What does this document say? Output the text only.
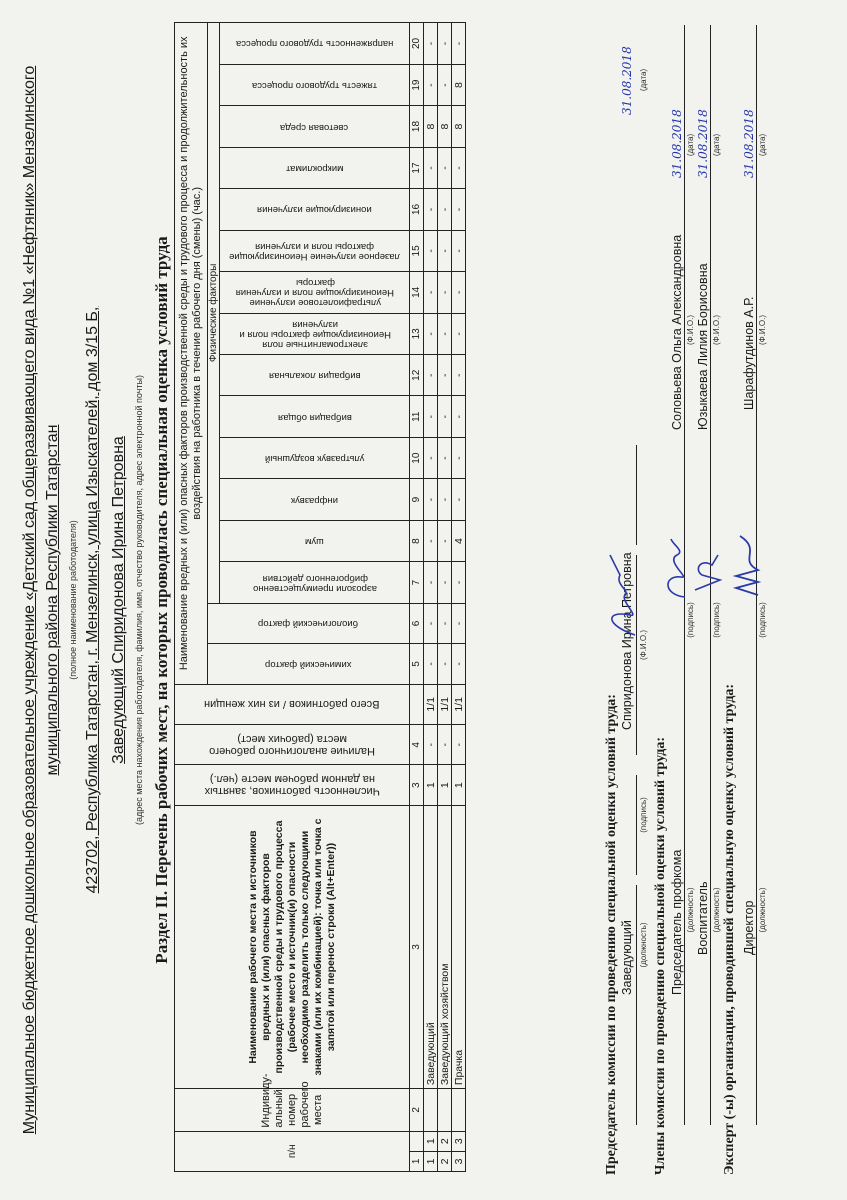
Муниципальное бюджетное дошкольное образовательное учреждение «Детский сад общеразвивающего вида №1 «Нефтяник» Мензелинского муниципального района Республики Татарстан (полное наименование работодателя) 423702, Республика Татарстан, г. Мензелинск, улица Изыскателей, дом 3/15 Б, Заведующий Спиридонова Ирина Петровна (адрес места нахождения работодателя, фамилия, имя, отчество руководителя, адрес электронной почты) Раздел II. Перечень рабочих мест, на которых проводилась специальная оценка условий труда
п/н		Индивиду-альный номер рабочего места	Наименование рабочего места и источников вредных и (или) опасных факторов производственной среды и трудового процесса (рабочее место и источник(и) опасности необходимо разделить только следующими знаками (или их комбинацией): точка или точка с запятой или перенос строки (Alt+Enter))	Численность работников, занятых на данном рабочем месте (чел.)	Наличие аналогичного рабочего места (рабочих мест)	Всего работников / из них женщин	Наименование вредных и (или) опасных факторов производственной среды и трудового процесса и продолжительность их воздействия на работника в течение рабочего дня (смены) (час.)															

							химический фактор	биологический фактор	Физические факторы													

									аэрозоли преимущественно фиброгенного действия	шум	инфразвук	ультразвук воздушный	вибрация общая	вибрация локальная	электромагнитные поля Неионизирующие факторы поля и излучения	ультрафиолетовое излучение Неионизирующие поля и излучения факторы	лазерное излучение Неионизирующие факторы поля и излучения	ионизирующие излучения	микроклимат	световая среда	тяжесть трудового процесса	напряженность трудового процесса

1		2	3	3	4		5	6	7	8	9	10	11	12	13	14	15	16	17	18	19	20
1	1		Заведующий	1	-	1/1	-	-	-	-	-	-	-	-	-	-	-	-	-	8	-	-
2	2		Заведующий хозяйством	1	-	1/1	-	-	-	-	-	-	-	-	-	-	-	-	-	8	-	-
3	3		Прачка	1	-	1/1	-	-	-	4	-	-	-	-	-	-	-	-	-	8	8	-
Председатель комиссии по проведению специальной оценки условий труда: Заведующий (должность)
(подпись)
Спиридонова Ирина Петровна (Ф.И.О.)
31.08.2018 (дата)
Члены комиссии по проведению специальной оценки условий труда: Председатель профкома (должность)
(подпись)
Соловьева Ольга Александровна (Ф.И.О.)
31.08.2018 (дата)
Воспитатель (должность)
(подпись)
Юзыкаева Лилия Борисовна (Ф.И.О.)
31.08.2018 (дата)
Эксперт (-ы) организации, проводившей специальную оценку условий труда: Директор (должность)
(подпись)
Шарафутдинов А.Р. (Ф.И.О.)
31.08.2018 (дата)
